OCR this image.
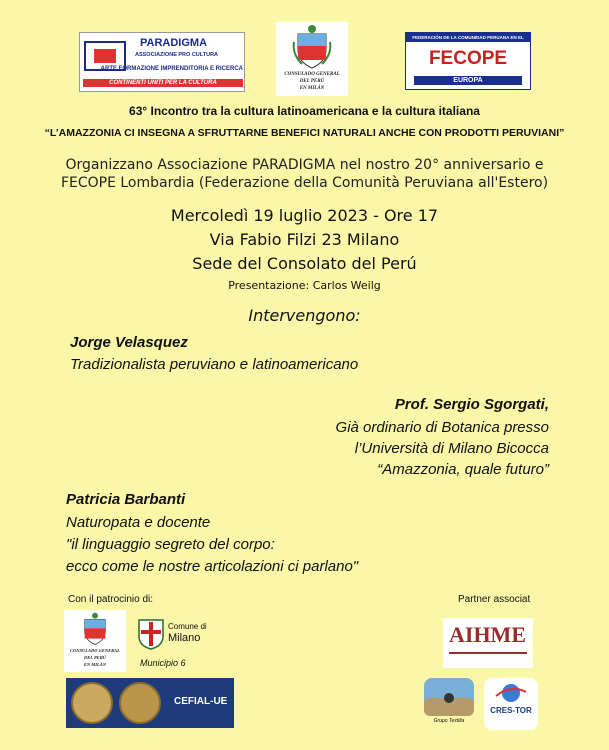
PARADIGMA
ASSOCIAZIONE PRO CULTURA
ARTE FORMAZIONE IMPRENDITORIA E RICERCA
CONTINENTI UNITI PER LA CULTURA
CONSULADO GENERAL
DEL PERÚ
EN MILÁN
FEDERACIÓN DE LA COMUNIDAD PERUANA EN EL EXTERIOR
FECOPE
EUROPA
63° Incontro tra la cultura latinoamericana e la cultura italiana
“L’AMAZZONIA CI INSEGNA A SFRUTTARNE BENEFICI NATURALI ANCHE CON PRODOTTI PERUVIANI”
Organizzano Associazione PARADIGMA nel nostro 20° anniversario e
FECOPE Lombardia (Federazione della Comunità Peruviana all'Estero)
Mercoledì 19 luglio 2023 - Ore 17
Via Fabio Filzi 23 Milano
Sede del Consolato del Perú
Presentazione: Carlos Weilg
Intervengono:
Jorge Velasquez
Tradizionalista peruviano e latinoamericano
Prof. Sergio Sgorgati,
Già ordinario di Botanica presso
l’Università di Milano Bicocca
“Amazzonia, quale futuro”
Patricia Barbanti
Naturopata e docente
"il linguaggio segreto del corpo:
ecco come le nostre articolazioni ci parlano"
Con il patrocinio di:	Partner associat
CONSULADO GENERAL
DEL PERÚ
EN MILÁN
Comune di
Milano
Municipio 6
CEFIAL-UE
AIHME
Grupo Textilia
CRES-TOR
